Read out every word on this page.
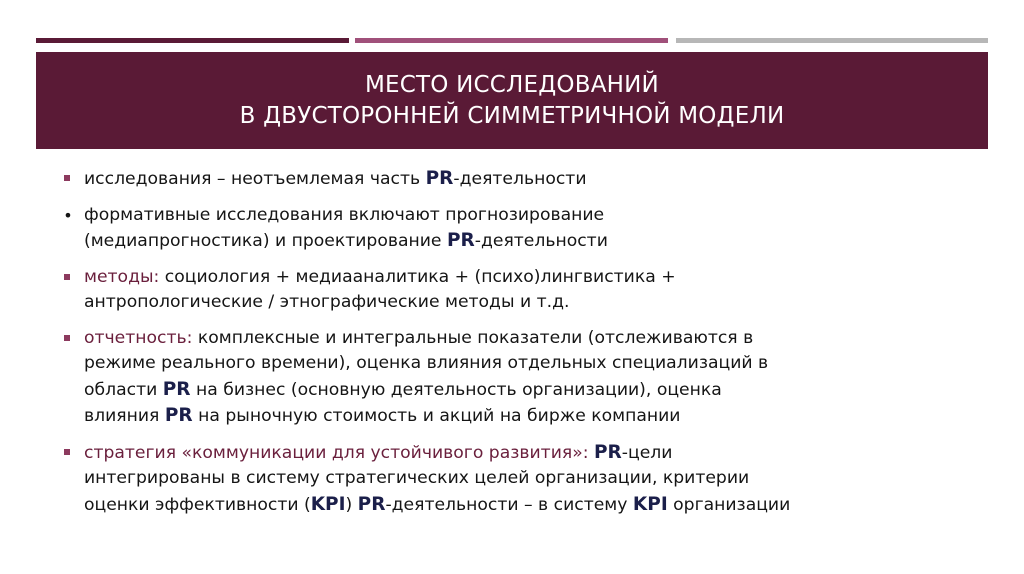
МЕСТО ИССЛЕДОВАНИЙ
В ДВУСТОРОННЕЙ СИММЕТРИЧНОЙ МОДЕЛИ
исследования – неотъемлемая часть PR-деятельности
• формативные исследования включают прогнозирование
(медиапрогностика) и проектирование PR-деятельности
методы: социология + медиааналитика + (психо)лингвистика +
антропологические / этнографические методы и т.д.
отчетность: комплексные и интегральные показатели (отслеживаются в
режиме реального времени), оценка влияния отдельных специализаций в
области PR на бизнес (основную деятельность организации), оценка
влияния PR на рыночную стоимость и акций на бирже компании
стратегия «коммуникации для устойчивого развития»: PR-цели
интегрированы в систему стратегических целей организации, критерии
оценки эффективности (KPI) PR-деятельности – в систему KPI организации
